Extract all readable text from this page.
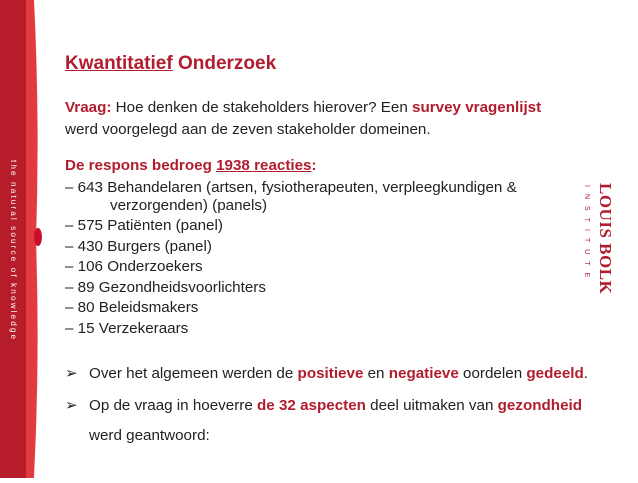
the natural source of knowledge	LOUIS BOLK
INSTITUTE
Kwantitatief Onderzoek
Vraag: Hoe denken de stakeholders hierover? Een survey vragenlijst
werd voorgelegd aan de zeven stakeholder domeinen.
De respons bedroeg 1938 reacties:
– 643 Behandelaren (artsen, fysiotherapeuten, verpleegkundigen &
verzorgenden) (panels)
– 575 Patiënten (panel)
– 430 Burgers (panel)
– 106 Onderzoekers
– 89 Gezondheidsvoorlichters
– 80 Beleidsmakers
– 15 Verzekeraars
➢ Over het algemeen werden de positieve en negatieve oordelen gedeeld.
➢ Op de vraag in hoeverre de 32 aspecten deel uitmaken van gezondheid
werd geantwoord:
